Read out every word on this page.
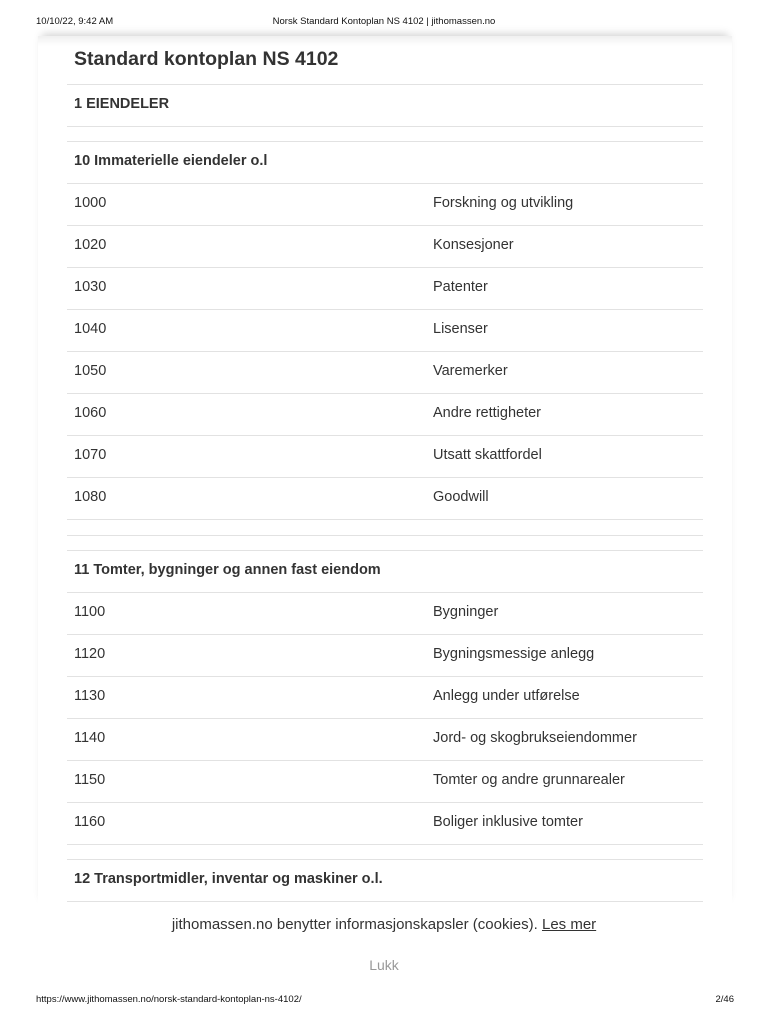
10/10/22, 9:42 AM	Norsk Standard Kontoplan NS 4102 | jithomassen.no
Standard kontoplan NS 4102
1 EIENDELER
10 Immaterielle eiendeler o.l
1000	Forskning og utvikling
1020	Konsesjoner
1030	Patenter
1040	Lisenser
1050	Varemerker
1060	Andre rettigheter
1070	Utsatt skattfordel
1080	Goodwill
11 Tomter, bygninger og annen fast eiendom
1100	Bygninger
1120	Bygningsmessige anlegg
1130	Anlegg under utførelse
1140	Jord- og skogbrukseiendommer
1150	Tomter og andre grunnarealer
1160	Boliger inklusive tomter
12 Transportmidler, inventar og maskiner o.l.
jithomassen.no benytter informasjonskapsler (cookies). Les mer
Lukk
https://www.jithomassen.no/norsk-standard-kontoplan-ns-4102/	2/46
